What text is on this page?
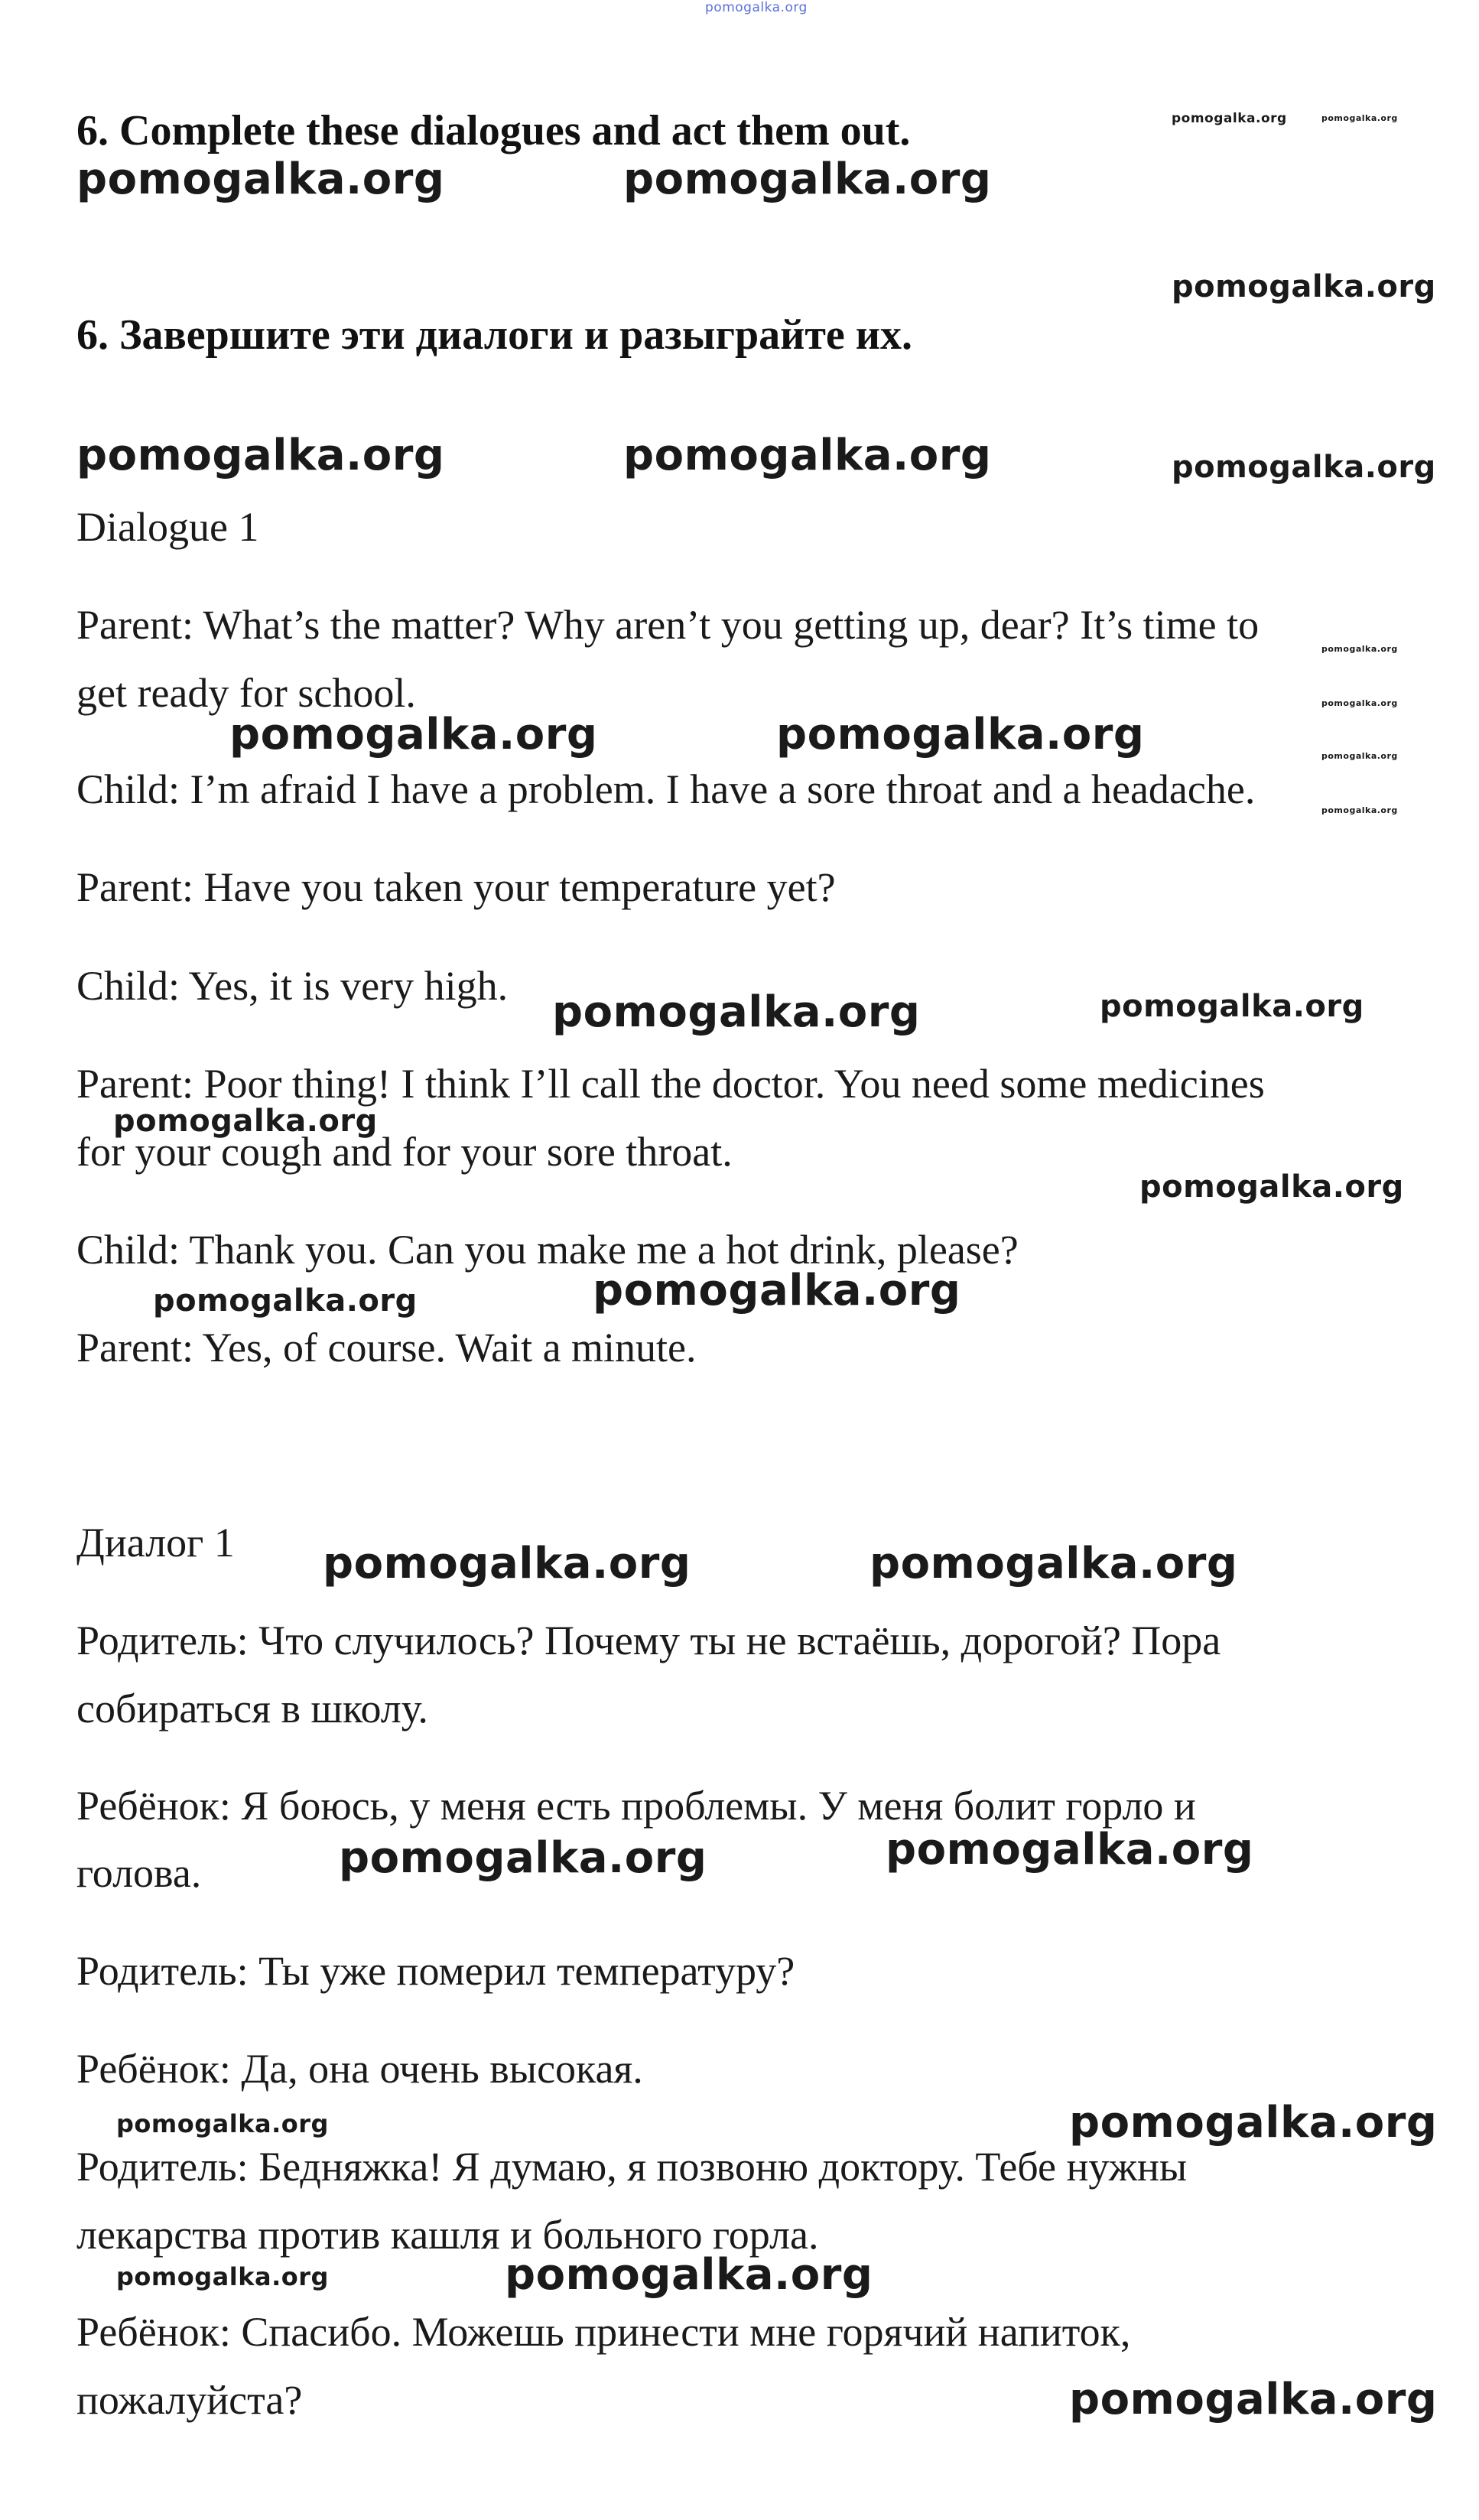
pomogalka.org
6. Complete these dialogues and act them out.
6. Завершите эти диалоги и разыграйте их.
Dialogue 1
Parent: What’s the matter? Why aren’t you getting up, dear? It’s time to
get ready for school.
Child: I’m afraid I have a problem. I have a sore throat and a headache.
Parent: Have you taken your temperature yet?
Child: Yes, it is very high.
Parent: Poor thing! I think I’ll call the doctor. You need some medicines
for your cough and for your sore throat.
Child: Thank you. Can you make me a hot drink, please?
Parent: Yes, of course. Wait a minute.
Диалог 1
Родитель: Что случилось? Почему ты не встаёшь, дорогой? Пора
собираться в школу.
Ребёнок: Я боюсь, у меня есть проблемы. У меня болит горло и
голова.
Родитель: Ты уже померил температуру?
Ребёнок: Да, она очень высокая.
Родитель: Бедняжка! Я думаю, я позвоню доктору. Тебе нужны
лекарства против кашля и больного горла.
Ребёнок: Спасибо. Можешь принести мне горячий напиток,
пожалуйста?
pomogalka.org	pomogalka.org
pomogalka.org	pomogalka.org
pomogalka.org
pomogalka.org	pomogalka.org	pomogalka.org
pomogalka.org
pomogalka.org
pomogalka.org
pomogalka.org
pomogalka.org	pomogalka.org
pomogalka.org	pomogalka.org
pomogalka.org
pomogalka.org
pomogalka.org	pomogalka.org
pomogalka.org	pomogalka.org
pomogalka.org	pomogalka.org
pomogalka.org	pomogalka.org
pomogalka.org	pomogalka.org
pomogalka.org
